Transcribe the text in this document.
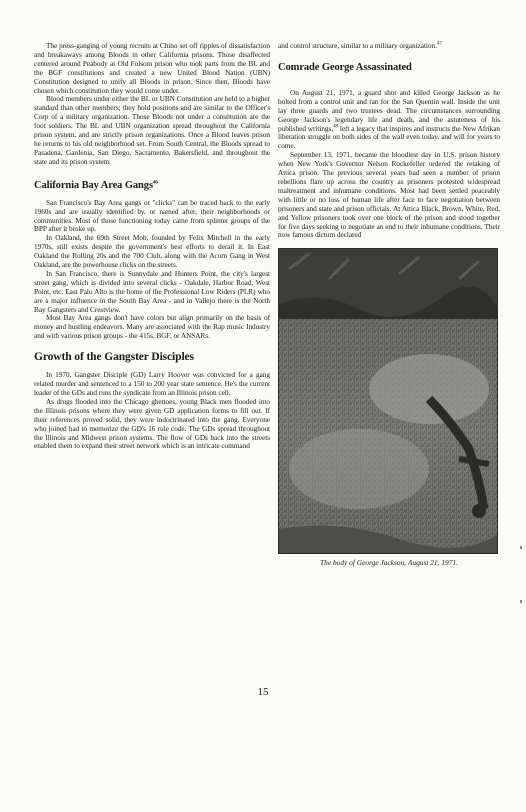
The press-ganging of young recruits at Chino set off ripples of dissatisfaction and breakaways among Bloods in other California prisons. Those disaffected centered around Peabody at Old Folsom prison who took parts from the BL and the BGF constitutions and created a new United Blood Nation (UBN) Constitution designed to unify all Bloods in prison. Since then, Bloods have chosen which constitution they would come under.

Blood members under either the BL or UBN Constitution are held to a higher standard than other members; they hold positions and are similar to the Officer's Corp of a military organization. Those Bloods not under a constitution are the foot soldiers. The BL and UBN organization spread throughout the California prison system, and are strictly prison organizations. Once a Blood leaves prison he returns to his old neighborhood set. From South Central, the Bloods spread to Pasadena, Gardenia, San Diego, Sacramento, Bakersfield, and throughout the state and its prison system.

California Bay Area Gangs$^{46}$

San Francisco's Bay Area gangs or "clicks" can be traced back to the early 1960s and are usually identified by, or named after, their neighborhoods or communities. Most of those functioning today came from splinter groups of the BPP after it broke up.

In Oakland, the 69th Street Mob, founded by Felix Mitchell in the early 1970s, still exists despite the government's best efforts to derail it. In East Oakland the Rolling 20s and the 700 Club, along with the Acorn Gang in West Oakland, are the powerhouse clicks on the streets.

In San Francisco, there is Sunnydale and Hunters Point, the city's largest street gang, which is divided into several clicks - Oakdale, Harbor Road, West Point, etc. East Palo Alto is the home of the Professional Low Riders (PLR) who are a major influence in the South Bay Area - and in Vallejo there is the North Bay Gangsters and Crestview.

Most Bay Area gangs don't have colors but align primarily on the basis of money and hustling endeavors. Many are associated with the Rap music Industry and with various prison groups - the 415s, BGF, or ANSARs.

Growth of the Gangster Disciples

In 1970, Gangster Disciple (GD) Larry Hoover was convicted for a gang related murder and sentenced to a 150 to 200 year state sentence. He's the current leader of the GDs and runs the syndicate from an Illinois prison cell.

As drugs flooded into the Chicago ghettoes, young Black men flooded into the Illinois prisons where they were given GD application forms to fill out. If their references proved solid, they were indoctrinated into the gang. Everyone who joined had to memorize the GD's 16 rule code. The GDs spread throughout the Illinois and Midwest prison systems. The flow of GDs back into the streets enabled them to expand their street network which is an intricate command

and control structure, similar to a military organization.$^{47}$

Comrade George Assassinated

On August 21, 1971, a guard shot and killed George Jackson as he bolted from a control unit and ran for the San Quentin wall. Inside the unit lay three guards and two trustees dead. The circumstances surrounding George Jackson's legendary life and death, and the astuteness of his published writings,$^{48}$ left a legacy that inspires and instructs the New Afrikan liberation struggle on both sides of the wall even today, and will for years to come.

September 13, 1971, became the bloodiest day in U.S. prison history when New York's Governor Nelson Rockefeller ordered the retaking of Attica prison. The previous several years had seen a number of prison rebellions flare up across the country as prisoners protested widespread maltreatment and inhumane conditions. Most had been settled peaceably with little or no loss of human life after face to face negotiation between prisoners and state and prison officials. At Attica Black, Brown, White, Red, and Yellow prisoners took over one block of the prison and stood together for five days seeking to negotiate an end to their inhumane conditions. Their now famous dictum declared

The body of George Jackson, August 21, 1971.
15
